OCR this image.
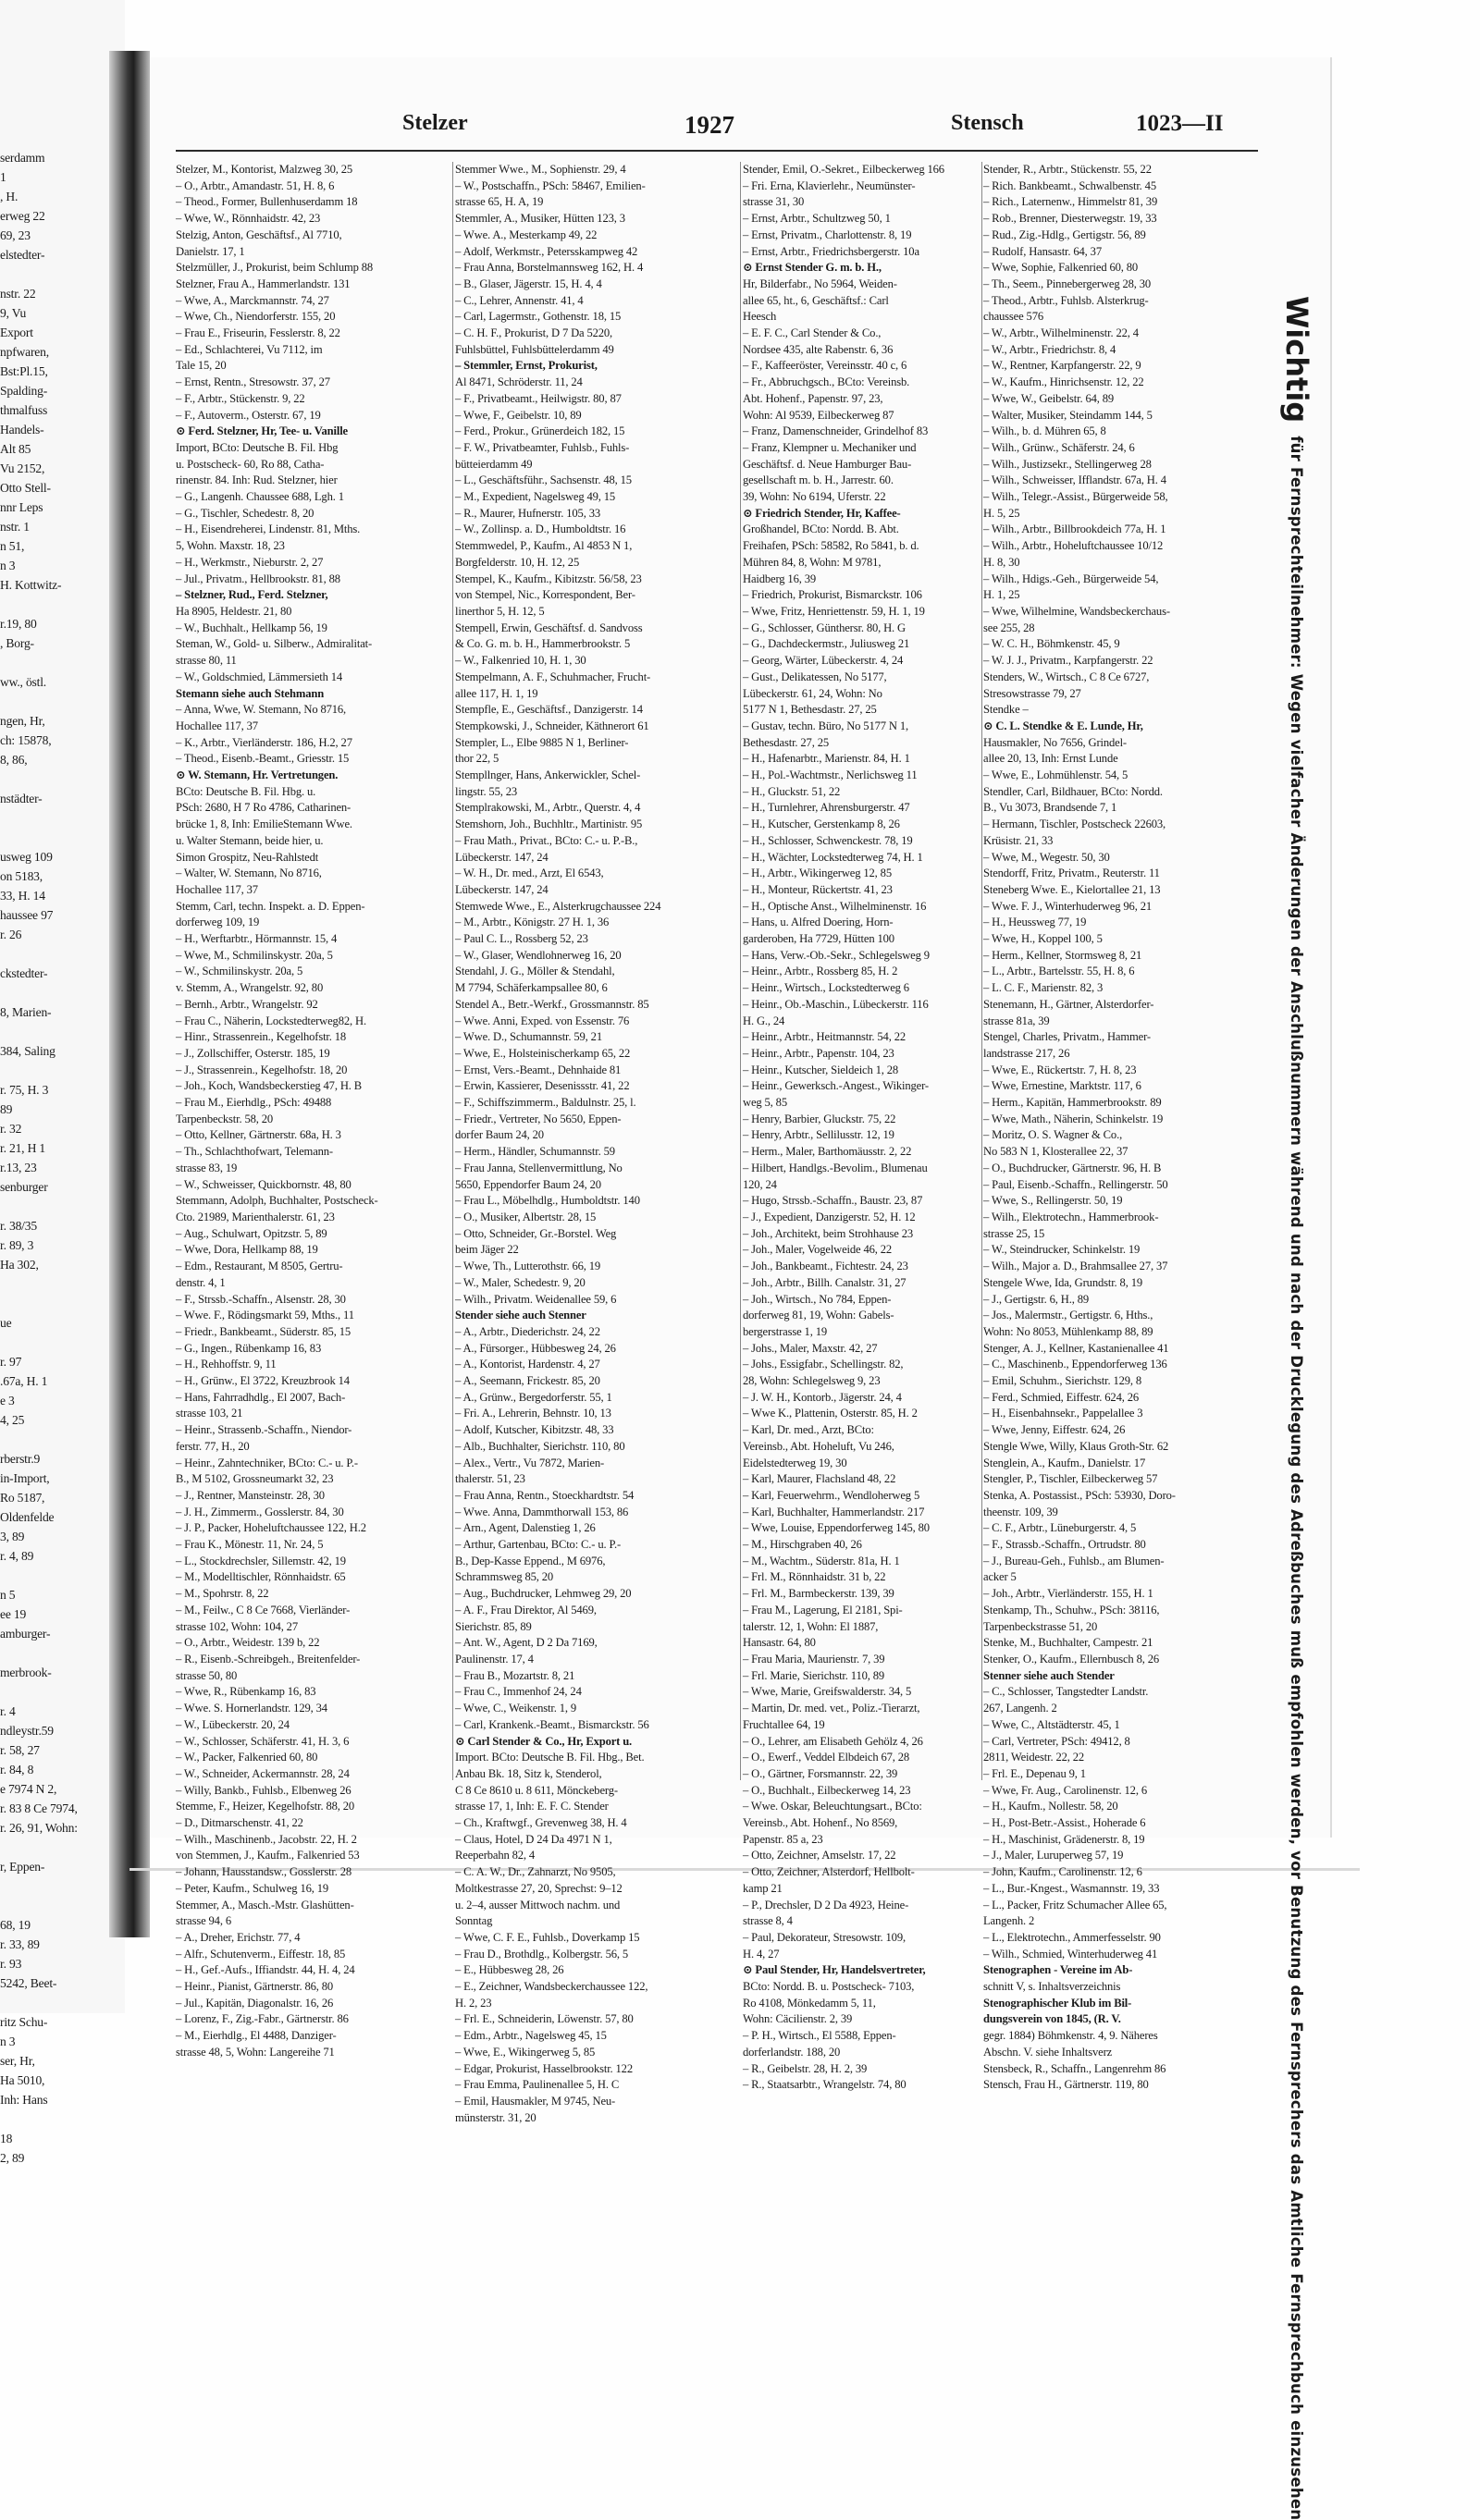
serdamm
1
, H.
erweg 22
69, 23
elstedter-

nstr. 22
9, Vu
Export
npfwaren,
Bst:Pl.15,
Spalding-
thmalfuss
Handels-
Alt 85
Vu 2152,
Otto Stell-
nnr Leps
nstr. 1
n 51,
n 3
H. Kottwitz-

r.19, 80
, Borg-

ww., östl.

ngen, Hr,
ch: 15878,
8, 86,

nstädter-

usweg 109
on 5183,
33, H. 14
haussee 97
r. 26

ckstedter-

8, Marien-

384, Saling

r. 75, H. 3
89
r. 32
r. 21, H 1
r.13, 23
senburger

r. 38/35
r. 89, 3
Ha 302,

ue

r. 97
.67a, H. 1
e 3
4, 25

rberstr.9
in-Import,
Ro 5187,
Oldenfelde
3, 89
r. 4, 89

n 5
ee 19
amburger-

merbrook-

r. 4
ndleystr.59
r. 58, 27
r. 84, 8
e 7974 N 2,
r. 83 8 Ce 7974,
r. 26, 91, Wohn:

r, Eppen-

68, 19
r. 33, 89
r. 93
5242, Beet-

ritz Schu-
n 3
ser, Hr,
Ha 5010,
Inh: Hans

18
2, 89
Stelzer	1927	Stensch	1023—II
Stelzer, M., Kontorist, Malzweg 30, 25
– O., Arbtr., Amandastr. 51, H. 8, 6
– Theod., Former, Bullenhuserdamm 18
– Wwe, W., Rönnhaidstr. 42, 23
Stelzig, Anton, Geschäftsf., Al 7710,
Danielstr. 17, 1
Stelzmüller, J., Prokurist, beim Schlump 88
Stelzner, Frau A., Hammerlandstr. 131
– Wwe, A., Marckmannstr. 74, 27
– Wwe, Ch., Niendorferstr. 155, 20
– Frau E., Friseurin, Fesslerstr. 8, 22
– Ed., Schlachterei, Vu 7112, im
Tale 15, 20
– Ernst, Rentn., Stresowstr. 37, 27
– F., Arbtr., Stückenstr. 9, 22
– F., Autoverm., Osterstr. 67, 19
⊙ Ferd. Stelzner, Hr, Tee- u. Vanille
Import, BCto: Deutsche B. Fil. Hbg
u. Postscheck- 60, Ro 88, Catha-
rinenstr. 84. Inh: Rud. Stelzner, hier
– G., Langenh. Chaussee 688, Lgh. 1
– G., Tischler, Schedestr. 8, 20
– H., Eisendreherei, Lindenstr. 81, Mths.
5, Wohn. Maxstr. 18, 23
– H., Werkmstr., Nieburstr. 2, 27
– Jul., Privatm., Hellbrookstr. 81, 88
– Stelzner, Rud., Ferd. Stelzner,
Ha 8905, Heldestr. 21, 80
– W., Buchhalt., Hellkamp 56, 19
Steman, W., Gold- u. Silberw., Admiralitat-
strasse 80, 11
– W., Goldschmied, Lämmersieth 14
Stemann siehe auch Stehmann
– Anna, Wwe, W. Stemann, No 8716,
Hochallee 117, 37
– K., Arbtr., Vierländerstr. 186, H.2, 27
– Theod., Eisenb.-Beamt., Griesstr. 15
⊙ W. Stemann, Hr. Vertretungen.
BCto: Deutsche B. Fil. Hbg. u.
PSch: 2680, H 7 Ro 4786, Catharinen-
brücke 1, 8, Inh: EmilieStemann Wwe.
u. Walter Stemann, beide hier, u.
Simon Grospitz, Neu-Rahlstedt
– Walter, W. Stemann, No 8716,
Hochallee 117, 37
Stemm, Carl, techn. Inspekt. a. D. Eppen-
dorferweg 109, 19
– H., Werftarbtr., Hörmannstr. 15, 4
– Wwe, M., Schmilinskystr. 20a, 5
– W., Schmilinskystr. 20a, 5
v. Stemm, A., Wrangelstr. 92, 80
– Bernh., Arbtr., Wrangelstr. 92
– Frau C., Näherin, Lockstedterweg82, H.
– Hinr., Strassenrein., Kegelhofstr. 18
– J., Zollschiffer, Osterstr. 185, 19
– J., Strassenrein., Kegelhofstr. 18, 20
– Joh., Koch, Wandsbeckerstieg 47, H. B
– Frau M., Eierhdlg., PSch: 49488
Tarpenbeckstr. 58, 20
– Otto, Kellner, Gärtnerstr. 68a, H. 3
– Th., Schlachthofwart, Telemann-
strasse 83, 19
– W., Schweisser, Quickbornstr. 48, 80
Stemmann, Adolph, Buchhalter, Postscheck-
Cto. 21989, Marienthalerstr. 61, 23
– Aug., Schulwart, Opitzstr. 5, 89
– Wwe, Dora, Hellkamp 88, 19
– Edm., Restaurant, M 8505, Gertru-
denstr. 4, 1
– F., Strssb.-Schaffn., Alsenstr. 28, 30
– Wwe. F., Rödingsmarkt 59, Mths., 11
– Friedr., Bankbeamt., Süderstr. 85, 15
– G., Ingen., Rübenkamp 16, 83
– H., Rehhoffstr. 9, 11
– H., Grünw., El 3722, Kreuzbrook 14
– Hans, Fahrradhdlg., El 2007, Bach-
strasse 103, 21
– Heinr., Strassenb.-Schaffn., Niendor-
ferstr. 77, H., 20
– Heinr., Zahntechniker, BCto: C.- u. P.-
B., M 5102, Grossneumarkt 32, 23
– J., Rentner, Mansteinstr. 28, 30
– J. H., Zimmerm., Gosslerstr. 84, 30
– J. P., Packer, Hoheluftchaussee 122, H.2
– Frau K., Mönestr. 11, Nr. 24, 5
– L., Stockdrechsler, Sillemstr. 42, 19
– M., Modelltischler, Rönnhaidstr. 65
– M., Spohrstr. 8, 22
– M., Feilw., C 8 Ce 7668, Vierländer-
strasse 102, Wohn: 104, 27
– O., Arbtr., Weidestr. 139 b, 22
– R., Eisenb.-Schreibgeh., Breitenfelder-
strasse 50, 80
– Wwe, R., Rübenkamp 16, 83
– Wwe. S. Hornerlandstr. 129, 34
– W., Lübeckerstr. 20, 24
– W., Schlosser, Schäferstr. 41, H. 3, 6
– W., Packer, Falkenried 60, 80
– W., Schneider, Ackermannstr. 28, 24
– Willy, Bankb., Fuhlsb., Elbenweg 26
Stemme, F., Heizer, Kegelhofstr. 88, 20
– D., Ditmarschenstr. 41, 22
– Wilh., Maschinenb., Jacobstr. 22, H. 2
von Stemmen, J., Kaufm., Falkenried 53
– Johann, Hausstandsw., Gosslerstr. 28
– Peter, Kaufm., Schulweg 16, 19
Stemmer, A., Masch.-Mstr. Glashütten-
strasse 94, 6
– A., Dreher, Erichstr. 77, 4
– Alfr., Schutenverm., Eiffestr. 18, 85
– H., Gef.-Aufs., Iffiandstr. 44, H. 4, 24
– Heinr., Pianist, Gärtnerstr. 86, 80
– Jul., Kapitän, Diagonalstr. 16, 26
– Lorenz, F., Zig.-Fabr., Gärtnerstr. 86
– M., Eierhdlg., El 4488, Danziger-
strasse 48, 5, Wohn: Langereihe 71
Stemmer Wwe., M., Sophienstr. 29, 4
– W., Postschaffn., PSch: 58467, Emilien-
strasse 65, H. A, 19
Stemmler, A., Musiker, Hütten 123, 3
– Wwe. A., Mesterkamp 49, 22
– Adolf, Werkmstr., Petersskampweg 42
– Frau Anna, Borstelmannsweg 162, H. 4
– B., Glaser, Jägerstr. 15, H. 4, 4
– C., Lehrer, Annenstr. 41, 4
– Carl, Lagermstr., Gothenstr. 18, 15
– C. H. F., Prokurist, D 7 Da 5220,
Fuhlsbüttel, Fuhlsbüttelerdamm 49
– Stemmler, Ernst, Prokurist,
Al 8471, Schröderstr. 11, 24
– F., Privatbeamt., Heilwigstr. 80, 87
– Wwe, F., Geibelstr. 10, 89
– Ferd., Prokur., Grünerdeich 182, 15
– F. W., Privatbeamter, Fuhlsb., Fuhls-
bütteierdamm 49
– L., Geschäftsführ., Sachsenstr. 48, 15
– M., Expedient, Nagelsweg 49, 15
– R., Maurer, Hufnerstr. 105, 33
– W., Zollinsp. a. D., Humboldtstr. 16
Stemmwedel, P., Kaufm., Al 4853 N 1,
Borgfelderstr. 10, H. 12, 25
Stempel, K., Kaufm., Kibitzstr. 56/58, 23
von Stempel, Nic., Korrespondent, Ber-
linerthor 5, H. 12, 5
Stempell, Erwin, Geschäftsf. d. Sandvoss
& Co. G. m. b. H., Hammerbrookstr. 5
– W., Falkenried 10, H. 1, 30
Stempelmann, A. F., Schuhmacher, Frucht-
allee 117, H. 1, 19
Stempfle, E., Geschäftsf., Danzigerstr. 14
Stempkowski, J., Schneider, Käthnerort 61
Stempler, L., Elbe 9885 N 1, Berliner-
thor 22, 5
Stempllnger, Hans, Ankerwickler, Schel-
lingstr. 55, 23
Stemplrakowski, M., Arbtr., Querstr. 4, 4
Stemshorn, Joh., Buchhltr., Martinistr. 95
– Frau Math., Privat., BCto: C.- u. P.-B.,
Lübeckerstr. 147, 24
– W. H., Dr. med., Arzt, El 6543,
Lübeckerstr. 147, 24
Stemwede Wwe., E., Alsterkrugchaussee 224
– M., Arbtr., Königstr. 27 H. 1, 36
– Paul C. L., Rossberg 52, 23
– W., Glaser, Wendlohnerweg 16, 20
Stendahl, J. G., Möller & Stendahl,
M 7794, Schäferkampsallee 80, 6
Stendel A., Betr.-Werkf., Grossmannstr. 85
– Wwe. Anni, Exped. von Essenstr. 76
– Wwe. D., Schumannstr. 59, 21
– Wwe, E., Holsteinischerkamp 65, 22
– Ernst, Vers.-Beamt., Dehnhaide 81
– Erwin, Kassierer, Desenissstr. 41, 22
– F., Schiffszimmerm., Baldulnstr. 25, l.
– Friedr., Vertreter, No 5650, Eppen-
dorfer Baum 24, 20
– Herm., Händler, Schumannstr. 59
– Frau Janna, Stellenvermittlung, No
5650, Eppendorfer Baum 24, 20
– Frau L., Möbelhdlg., Humboldtstr. 140
– O., Musiker, Albertstr. 28, 15
– Otto, Schneider, Gr.-Borstel. Weg
beim Jäger 22
– Wwe, Th., Lutterothstr. 66, 19
– W., Maler, Schedestr. 9, 20
– Wilh., Privatm. Weidenallee 59, 6
Stender siehe auch Stenner
– A., Arbtr., Diederichstr. 24, 22
– A., Fürsorger., Hübbesweg 24, 26
– A., Kontorist, Hardenstr. 4, 27
– A., Seemann, Frickestr. 85, 20
– A., Grünw., Bergedorferstr. 55, 1
– Fri. A., Lehrerin, Behnstr. 10, 13
– Adolf, Kutscher, Kibitzstr. 48, 33
– Alb., Buchhalter, Sierichstr. 110, 80
– Alex., Vertr., Vu 7872, Marien-
thalerstr. 51, 23
– Frau Anna, Rentn., Stoeckhardtstr. 54
– Wwe. Anna, Dammthorwall 153, 86
– Arn., Agent, Dalenstieg 1, 26
– Arthur, Gartenbau, BCto: C.- u. P.-
B., Dep-Kasse Eppend., M 6976,
Schrammsweg 85, 20
– Aug., Buchdrucker, Lehmweg 29, 20
– A. F., Frau Direktor, Al 5469,
Sierichstr. 85, 89
– Ant. W., Agent, D 2 Da 7169,
Paulinenstr. 17, 4
– Frau B., Mozartstr. 8, 21
– Frau C., Immenhof 24, 24
– Wwe, C., Weikenstr. 1, 9
– Carl, Krankenk.-Beamt., Bismarckstr. 56
⊙ Carl Stender & Co., Hr, Export u.
Import. BCto: Deutsche B. Fil. Hbg., Bet.
Anbau Bk. 18, Sitz k, Stenderol,
C 8 Ce 8610 u. 8 611, Mönckeberg-
strasse 17, 1, Inh: E. F. C. Stender
– Ch., Kraftwgf., Grevenweg 38, H. 4
– Claus, Hotel, D 24 Da 4971 N 1,
Reeperbahn 82, 4
– C. A. W., Dr., Zahnarzt, No 9505,
Moltkestrasse 27, 20, Sprechst: 9–12
u. 2–4, ausser Mittwoch nachm. und
Sonntag
– Wwe, C. F. E., Fuhlsb., Doverkamp 15
– Frau D., Brothdlg., Kolbergstr. 56, 5
– E., Hübbesweg 28, 26
– E., Zeichner, Wandsbeckerchaussee 122,
H. 2, 23
– Frl. E., Schneiderin, Löwenstr. 57, 80
– Edm., Arbtr., Nagelsweg 45, 15
– Wwe, E., Wikingerweg 5, 85
– Edgar, Prokurist, Hasselbrookstr. 122
– Frau Emma, Paulinenallee 5, H. C
– Emil, Hausmakler, M 9745, Neu-
münsterstr. 31, 20
Stender, Emil, O.-Sekret., Eilbeckerweg 166
– Fri. Erna, Klavierlehr., Neumünster-
strasse 31, 30
– Ernst, Arbtr., Schultzweg 50, 1
– Ernst, Privatm., Charlottenstr. 8, 19
– Ernst, Arbtr., Friedrichsbergerstr. 10a
⊙ Ernst Stender G. m. b. H.,
Hr, Bilderfabr., No 5964, Weiden-
allee 65, ht., 6, Geschäftsf.: Carl
Heesch
– E. F. C., Carl Stender & Co.,
Nordsee 435, alte Rabenstr. 6, 36
– F., Kaffeeröster, Vereinsstr. 40 c, 6
– Fr., Abbruchgsch., BCto: Vereinsb.
Abt. Hohenf., Papenstr. 97, 23,
Wohn: Al 9539, Eilbeckerweg 87
– Franz, Damenschneider, Grindelhof 83
– Franz, Klempner u. Mechaniker und
Geschäftsf. d. Neue Hamburger Bau-
gesellschaft m. b. H., Jarrestr. 60.
39, Wohn: No 6194, Uferstr. 22
⊙ Friedrich Stender, Hr, Kaffee-
Großhandel, BCto: Nordd. B. Abt.
Freihafen, PSch: 58582, Ro 5841, b. d.
Mühren 84, 8, Wohn: M 9781,
Haidberg 16, 39
– Friedrich, Prokurist, Bismarckstr. 106
– Wwe, Fritz, Henriettenstr. 59, H. 1, 19
– G., Schlosser, Günthersr. 80, H. G
– G., Dachdeckermstr., Juliusweg 21
– Georg, Wärter, Lübeckerstr. 4, 24
– Gust., Delikatessen, No 5177,
Lübeckerstr. 61, 24, Wohn: No
5177 N 1, Bethesdastr. 27, 25
– Gustav, techn. Büro, No 5177 N 1,
Bethesdastr. 27, 25
– H., Hafenarbtr., Marienstr. 84, H. 1
– H., Pol.-Wachtmstr., Nerlichsweg 11
– H., Gluckstr. 51, 22
– H., Turnlehrer, Ahrensburgerstr. 47
– H., Kutscher, Gerstenkamp 8, 26
– H., Schlosser, Schwenckestr. 78, 19
– H., Wächter, Lockstedterweg 74, H. 1
– H., Arbtr., Wikingerweg 12, 85
– H., Monteur, Rückertstr. 41, 23
– H., Optische Anst., Wilhelminenstr. 16
– Hans, u. Alfred Doering, Horn-
garderoben, Ha 7729, Hütten 100
– Hans, Verw.-Ob.-Sekr., Schlegelsweg 9
– Heinr., Arbtr., Rossberg 85, H. 2
– Heinr., Wirtsch., Lockstedterweg 6
– Heinr., Ob.-Maschin., Lübeckerstr. 116
H. G., 24
– Heinr., Arbtr., Heitmannstr. 54, 22
– Heinr., Arbtr., Papenstr. 104, 23
– Heinr., Kutscher, Sieldeich 1, 28
– Heinr., Gewerksch.-Angest., Wikinger-
weg 5, 85
– Henry, Barbier, Gluckstr. 75, 22
– Henry, Arbtr., Sellilusstr. 12, 19
– Herm., Maler, Barthomäusstr. 2, 22
– Hilbert, Handlgs.-Bevolim., Blumenau
120, 24
– Hugo, Strssb.-Schaffn., Baustr. 23, 87
– J., Expedient, Danzigerstr. 52, H. 12
– Joh., Architekt, beim Strohhause 23
– Joh., Maler, Vogelweide 46, 22
– Joh., Bankbeamt., Fichtestr. 24, 23
– Joh., Arbtr., Billh. Canalstr. 31, 27
– Joh., Wirtsch., No 784, Eppen-
dorferweg 81, 19, Wohn: Gabels-
bergerstrasse 1, 19
– Johs., Maler, Maxstr. 42, 27
– Johs., Essigfabr., Schellingstr. 82,
28, Wohn: Schlegelsweg 9, 23
– J. W. H., Kontorb., Jägerstr. 24, 4
– Wwe K., Plattenin, Osterstr. 85, H. 2
– Karl, Dr. med., Arzt, BCto:
Vereinsb., Abt. Hoheluft, Vu 246,
Eidelstedterweg 19, 30
– Karl, Maurer, Flachsland 48, 22
– Karl, Feuerwehrm., Wendloherweg 5
– Karl, Buchhalter, Hammerlandstr. 217
– Wwe, Louise, Eppendorferweg 145, 80
– M., Hirschgraben 40, 26
– M., Wachtm., Süderstr. 81a, H. 1
– Frl. M., Rönnhaidstr. 31 b, 22
– Frl. M., Barmbeckerstr. 139, 39
– Frau M., Lagerung, El 2181, Spi-
talerstr. 12, 1, Wohn: El 1887,
Hansastr. 64, 80
– Frau Maria, Maurienstr. 7, 39
– Frl. Marie, Sierichstr. 110, 89
– Wwe, Marie, Greifswalderstr. 34, 5
– Martin, Dr. med. vet., Poliz.-Tierarzt,
Fruchtallee 64, 19
– O., Lehrer, am Elisabeth Gehölz 4, 26
– O., Ewerf., Veddel Elbdeich 67, 28
– O., Gärtner, Forsmannstr. 22, 39
– O., Buchhalt., Eilbeckerweg 14, 23
– Wwe. Oskar, Beleuchtungsart., BCto:
Vereinsb., Abt. Hohenf., No 8569,
Papenstr. 85 a, 23
– Otto, Zeichner, Amselstr. 17, 22
– Otto, Zeichner, Alsterdorf, Hellbolt-
kamp 21
– P., Drechsler, D 2 Da 4923, Heine-
strasse 8, 4
– Paul, Dekorateur, Stresowstr. 109,
H. 4, 27
⊙ Paul Stender, Hr, Handelsvertreter,
BCto: Nordd. B. u. Postscheck- 7103,
Ro 4108, Mönkedamm 5, 11,
Wohn: Cäcilienstr. 2, 39
– P. H., Wirtsch., El 5588, Eppen-
dorferlandstr. 188, 20
– R., Geibelstr. 28, H. 2, 39
– R., Staatsarbtr., Wrangelstr. 74, 80
Stender, R., Arbtr., Stückenstr. 55, 22
– Rich. Bankbeamt., Schwalbenstr. 45
– Rich., Laternenw., Himmelstr 81, 39
– Rob., Brenner, Diesterwegstr. 19, 33
– Rud., Zig.-Hdlg., Gertigstr. 56, 89
– Rudolf, Hansastr. 64, 37
– Wwe, Sophie, Falkenried 60, 80
– Th., Seem., Pinnebergerweg 28, 30
– Theod., Arbtr., Fuhlsb. Alsterkrug-
chaussee 576
– W., Arbtr., Wilhelminenstr. 22, 4
– W., Arbtr., Friedrichstr. 8, 4
– W., Rentner, Karpfangerstr. 22, 9
– W., Kaufm., Hinrichsenstr. 12, 22
– Wwe, W., Geibelstr. 64, 89
– Walter, Musiker, Steindamm 144, 5
– Wilh., b. d. Mühren 65, 8
– Wilh., Grünw., Schäferstr. 24, 6
– Wilh., Justizsekr., Stellingerweg 28
– Wilh., Schweisser, Ifflandstr. 67a, H. 4
– Wilh., Telegr.-Assist., Bürgerweide 58,
H. 5, 25
– Wilh., Arbtr., Billbrookdeich 77a, H. 1
– Wilh., Arbtr., Hoheluftchaussee 10/12
H. 8, 30
– Wilh., Hdigs.-Geh., Bürgerweide 54,
H. 1, 25
– Wwe, Wilhelmine, Wandsbeckerchaus-
see 255, 28
– W. C. H., Böhmkenstr. 45, 9
– W. J. J., Privatm., Karpfangerstr. 22
Stenders, W., Wirtsch., C 8 Ce 6727,
Stresowstrasse 79, 27
Stendke –
⊙ C. L. Stendke & E. Lunde, Hr,
Hausmakler, No 7656, Grindel-
allee 20, 13, Inh: Ernst Lunde
– Wwe, E., Lohmühlenstr. 54, 5
Stendler, Carl, Bildhauer, BCto: Nordd.
B., Vu 3073, Brandsende 7, 1
– Hermann, Tischler, Postscheck 22603,
Krüsistr. 21, 33
– Wwe, M., Wegestr. 50, 30
Stendorff, Fritz, Privatm., Reuterstr. 11
Steneberg Wwe. E., Kielortallee 21, 13
– Wwe. F. J., Winterhuderweg 96, 21
– H., Heussweg 77, 19
– Wwe, H., Koppel 100, 5
– Herm., Kellner, Stormsweg 8, 21
– L., Arbtr., Bartelsstr. 55, H. 8, 6
– L. C. F., Marienstr. 82, 3
Stenemann, H., Gärtner, Alsterdorfer-
strasse 81a, 39
Stengel, Charles, Privatm., Hammer-
landstrasse 217, 26
– Wwe, E., Rückertstr. 7, H. 8, 23
– Wwe, Ernestine, Marktstr. 117, 6
– Herm., Kapitän, Hammerbrookstr. 89
– Wwe, Math., Näherin, Schinkelstr. 19
– Moritz, O. S. Wagner & Co.,
No 583 N 1, Klosterallee 22, 37
– O., Buchdrucker, Gärtnerstr. 96, H. B
– Paul, Eisenb.-Schaffn., Rellingerstr. 50
– Wwe, S., Rellingerstr. 50, 19
– Wilh., Elektrotechn., Hammerbrook-
strasse 25, 15
– W., Steindrucker, Schinkelstr. 19
– Wilh., Major a. D., Brahmsallee 27, 37
Stengele Wwe, Ida, Grundstr. 8, 19
– J., Gertigstr. 6, H., 89
– Jos., Malermstr., Gertigstr. 6, Hths.,
Wohn: No 8053, Mühlenkamp 88, 89
Stenger, A. J., Kellner, Kastanienallee 41
– C., Maschinenb., Eppendorferweg 136
– Emil, Schuhm., Sierichstr. 129, 8
– Ferd., Schmied, Eiffestr. 624, 26
– H., Eisenbahnsekr., Pappelallee 3
– Wwe, Jenny, Eiffestr. 624, 26
Stengle Wwe, Willy, Klaus Groth-Str. 62
Stenglein, A., Kaufm., Danielstr. 17
Stengler, P., Tischler, Eilbeckerweg 57
Stenka, A. Postassist., PSch: 53930, Doro-
theenstr. 109, 39
– C. F., Arbtr., Lüneburgerstr. 4, 5
– F., Strassb.-Schaffn., Ortrudstr. 80
– J., Bureau-Geh., Fuhlsb., am Blumen-
acker 5
– Joh., Arbtr., Vierländerstr. 155, H. 1
Stenkamp, Th., Schuhw., PSch: 38116,
Tarpenbeckstrasse 51, 20
Stenke, M., Buchhalter, Campestr. 21
Stenker, O., Kaufm., Ellernbusch 8, 26
Stenner siehe auch Stender
– C., Schlosser, Tangstedter Landstr.
267, Langenh. 2
– Wwe, C., Altstädterstr. 45, 1
– Carl, Vertreter, PSch: 49412, 8
2811, Weidestr. 22, 22
– Frl. E., Depenau 9, 1
– Wwe, Fr. Aug., Carolinenstr. 12, 6
– H., Kaufm., Nollestr. 58, 20
– H., Post-Betr.-Assist., Hoherade 6
– H., Maschinist, Grädenerstr. 8, 19
– J., Maler, Luruperweg 57, 19
– John, Kaufm., Carolinenstr. 12, 6
– L., Bur.-Kngest., Wasmannstr. 19, 33
– L., Packer, Fritz Schumacher Allee 65,
Langenh. 2
– L., Elektrotechn., Ammerfesselstr. 90
– Wilh., Schmied, Winterhuderweg 41
Stenographen - Vereine im Ab-
schnitt V, s. Inhaltsverzeichnis
Stenographischer Klub im Bil-
dungsverein von 1845, (R. V.
gegr. 1884) Böhmkenstr. 4, 9. Näheres
Abschn. V. siehe Inhaltsverz
Stensbeck, R., Schaffn., Langenrehm 86
Stensch, Frau H., Gärtnerstr. 119, 80
Wichtig
für Fernsprechteilnehmer: Wegen vielfacher Änderungen der Anschlußnummern während und nach der Drucklegung des Adreßbuches muß empfohlen werden, vor Benutzung des Fernsprechers das Amtliche Fernsprechbuch einzusehen
